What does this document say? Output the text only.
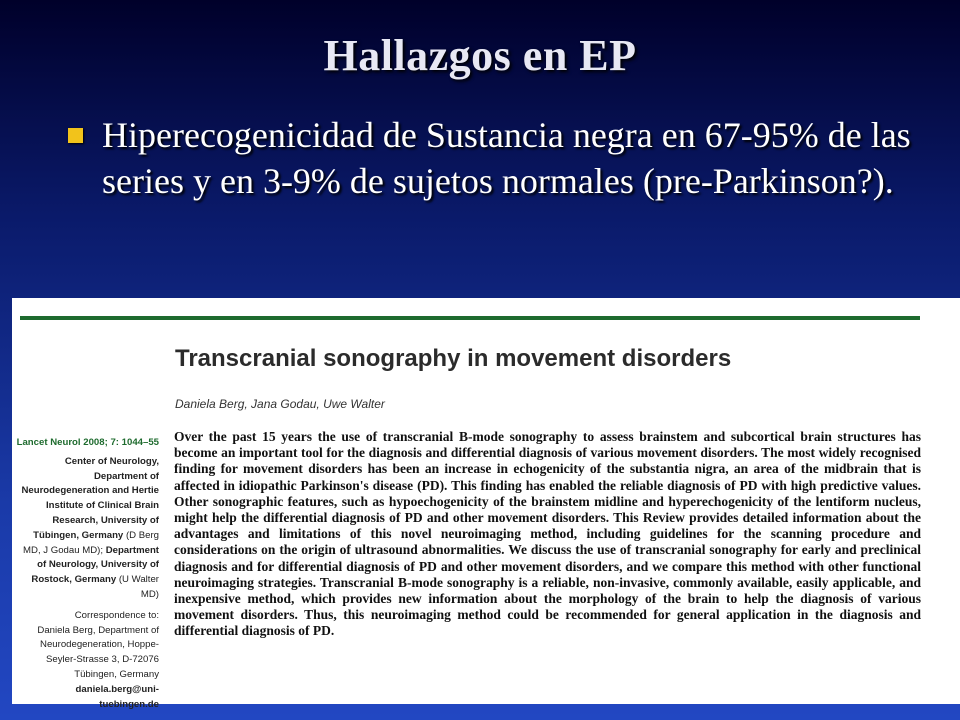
Hallazgos en EP
Hiperecogenicidad de Sustancia negra en 67-95% de las series y en 3-9% de sujetos normales (pre-Parkinson?).
Transcranial sonography in movement disorders
Daniela Berg, Jana Godau, Uwe Walter
Lancet Neurol 2008; 7: 1044–55
Center of Neurology, Department of Neurodegeneration and Hertie Institute of Clinical Brain Research, University of Tübingen, Germany (D Berg MD, J Godau MD); Department of Neurology, University of Rostock, Germany (U Walter MD)
Correspondence to:
Daniela Berg, Department of Neurodegeneration, Hoppe-Seyler-Strasse 3, D-72076 Tübingen, Germany
daniela.berg@uni-tuebingen.de
Over the past 15 years the use of transcranial B-mode sonography to assess brainstem and subcortical brain structures has become an important tool for the diagnosis and differential diagnosis of various movement disorders. The most widely recognised finding for movement disorders has been an increase in echogenicity of the substantia nigra, an area of the midbrain that is affected in idiopathic Parkinson's disease (PD). This finding has enabled the reliable diagnosis of PD with high predictive values. Other sonographic features, such as hypoechogenicity of the brainstem midline and hyperechogenicity of the lentiform nucleus, might help the differential diagnosis of PD and other movement disorders. This Review provides detailed information about the advantages and limitations of this novel neuroimaging method, including guidelines for the scanning procedure and considerations on the origin of ultrasound abnormalities. We discuss the use of transcranial sonography for early and preclinical diagnosis and for differential diagnosis of PD and other movement disorders, and we compare this method with other functional neuroimaging strategies. Transcranial B-mode sonography is a reliable, non-invasive, commonly available, easily applicable, and inexpensive method, which provides new information about the morphology of the brain to help the diagnosis of various movement disorders. Thus, this neuroimaging method could be recommended for general application in the diagnosis and differential diagnosis of PD.
